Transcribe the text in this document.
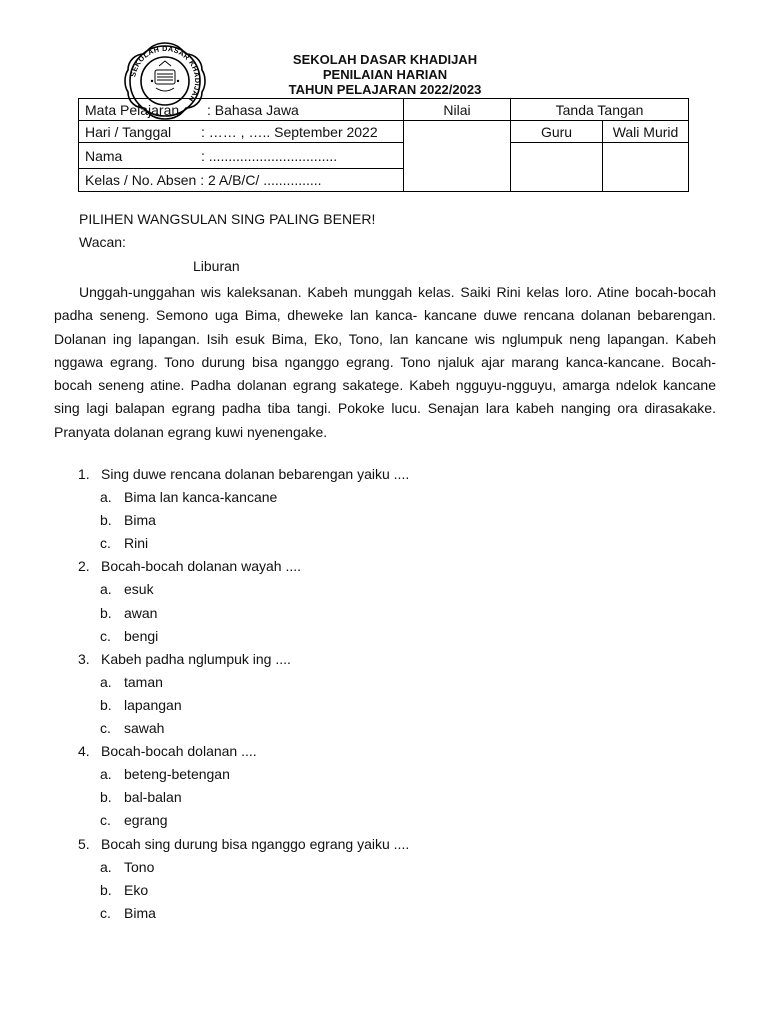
SEKOLAH DASAR KHADIJAH
SEKOLAH DASAR KHADIJAH
PENILAIAN HARIAN
TAHUN PELAJARAN 2022/2023
Mata Pelajaran : Bahasa Jawa	Nilai	Tanda Tangan	
Hari / Tanggal : …… , ….. September 2022		Guru	Wali Murid
Nama : .................................			
Kelas / No. Absen : 2 A/B/C/ ...............			
PILIHEN WANGSULAN SING PALING BENER!
Wacan:
Liburan

Unggah-unggahan wis kaleksanan. Kabeh munggah kelas. Saiki Rini kelas loro. Atine bocah-bocah padha seneng. Semono uga Bima, dheweke lan kanca- kancane duwe rencana dolanan bebarengan. Dolanan ing lapangan. Isih esuk Bima, Eko, Tono, lan kancane wis nglumpuk neng lapangan. Kabeh nggawa egrang. Tono durung bisa nganggo egrang. Tono njaluk ajar marang kanca-kancane. Bocah-bocah seneng atine. Padha dolanan egrang sakatege. Kabeh ngguyu-ngguyu, amarga ndelok kancane sing lagi balapan egrang padha tiba tangi. Pokoke lucu. Senajan lara kabeh nanging ora dirasakake. Pranyata dolanan egrang kuwi nyenengake.

1. Sing duwe rencana dolanan bebarengan yaiku ....
a. Bima lan kanca-kancane
b. Bima
c. Rini
2. Bocah-bocah dolanan wayah ....
a. esuk
b. awan
c. bengi
3. Kabeh padha nglumpuk ing ....
a. taman
b. lapangan
c. sawah
4. Bocah-bocah dolanan ....
a. beteng-betengan
b. bal-balan
c. egrang
5. Bocah sing durung bisa nganggo egrang yaiku ....
a. Tono
b. Eko
c. Bima
